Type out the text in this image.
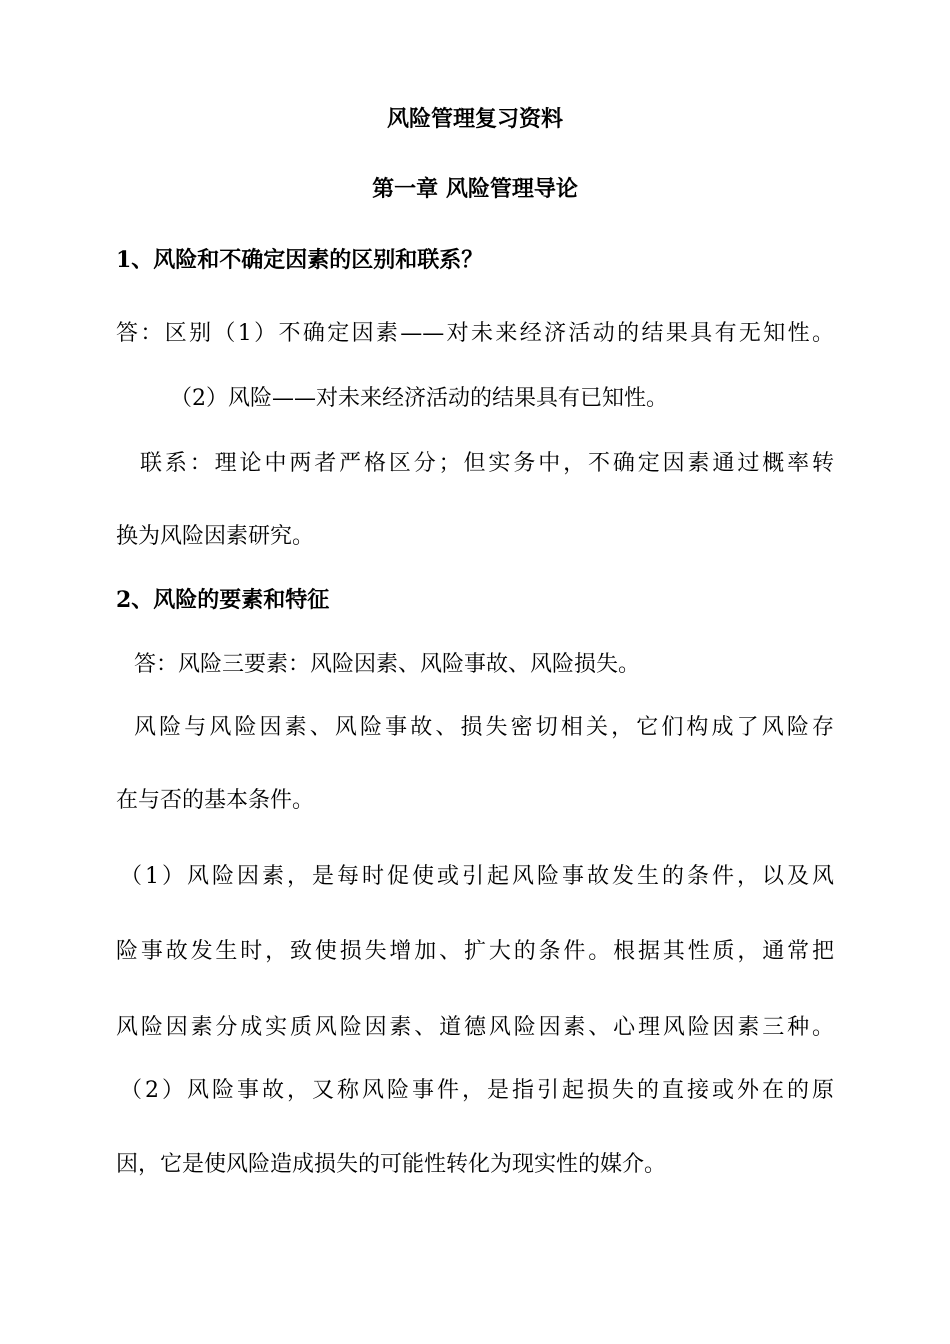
风险管理复习资料
第一章 风险管理导论
1、风险和不确定因素的区别和联系？
答：区别（1）不确定因素——对未来经济活动的结果具有无知性。
（2）风险——对未来经济活动的结果具有已知性。
联系：理论中两者严格区分；但实务中，不确定因素通过概率转
换为风险因素研究。
2、风险的要素和特征
答：风险三要素：风险因素、风险事故、风险损失。
风险与风险因素、风险事故、损失密切相关，它们构成了风险存
在与否的基本条件。
（1）风险因素，是每时促使或引起风险事故发生的条件，以及风
险事故发生时，致使损失增加、扩大的条件。根据其性质，通常把
风险因素分成实质风险因素、道德风险因素、心理风险因素三种。
（2）风险事故，又称风险事件，是指引起损失的直接或外在的原
因，它是使风险造成损失的可能性转化为现实性的媒介。
